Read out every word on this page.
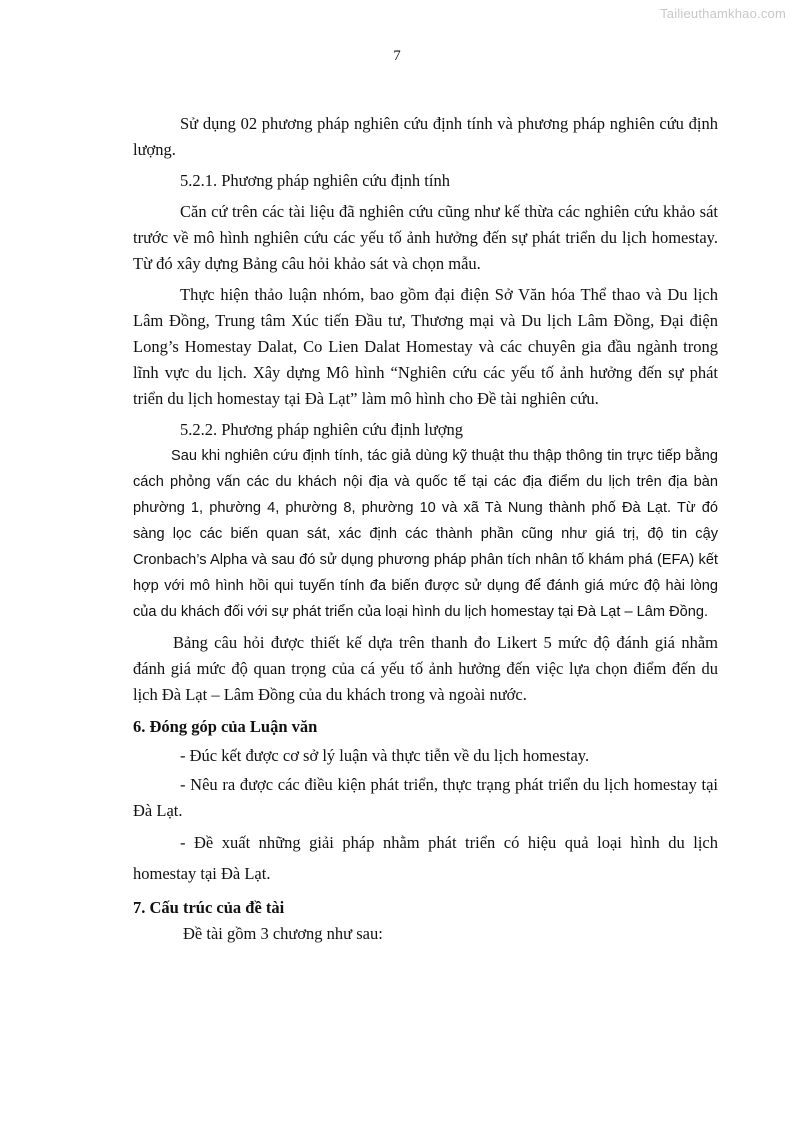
Tailieuthamkhao.com
7

Sử dụng 02 phương pháp nghiên cứu định tính và phương pháp nghiên cứu định lượng.

5.2.1. Phương pháp nghiên cứu định tính

Căn cứ trên các tài liệu đã nghiên cứu cũng như kế thừa các nghiên cứu khảo sát trước về mô hình nghiên cứu các yếu tố ảnh hưởng đến sự phát triển du lịch homestay. Từ đó xây dựng Bảng câu hỏi khảo sát và chọn mẫu.

Thực hiện thảo luận nhóm, bao gồm đại điện Sở Văn hóa Thể thao và Du lịch Lâm Đồng, Trung tâm Xúc tiến Đầu tư, Thương mại và Du lịch Lâm Đồng, Đại điện Long’s Homestay Dalat, Co Lien Dalat Homestay và các chuyên gia đầu ngành trong lĩnh vực du lịch. Xây dựng Mô hình “Nghiên cứu các yếu tố ảnh hưởng đến sự phát triển du lịch homestay tại Đà Lạt” làm mô hình cho Đề tài nghiên cứu.

5.2.2. Phương pháp nghiên cứu định lượng

Sau khi nghiên cứu định tính, tác giả dùng kỹ thuật thu thập thông tin trực tiếp bằng cách phỏng vấn các du khách nội địa và quốc tế tại các địa điểm du lịch trên địa bàn phường 1, phường 4, phường 8, phường 10 và xã Tà Nung thành phố Đà Lạt. Từ đó sàng lọc các biến quan sát, xác định các thành phần cũng như giá trị, độ tin cậy Cronbach’s Alpha và sau đó sử dụng phương pháp phân tích nhân tố khám phá (EFA) kết hợp với mô hình hồi qui tuyến tính đa biến được sử dụng để đánh giá mức độ hài lòng của du khách đối với sự phát triển của loại hình du lịch homestay tại Đà Lạt – Lâm Đồng.

Bảng câu hỏi được thiết kế dựa trên thanh đo Likert 5 mức độ đánh giá nhằm đánh giá mức độ quan trọng của cá yếu tố ảnh hưởng đến việc lựa chọn điểm đến du lịch Đà Lạt – Lâm Đồng của du khách trong và ngoài nước.

6. Đóng góp của Luận văn

- Đúc kết được cơ sở lý luận và thực tiễn về du lịch homestay.

- Nêu ra được các điều kiện phát triển, thực trạng phát triển du lịch homestay tại Đà Lạt.

- Đề xuất những giải pháp nhằm phát triển có hiệu quả loại hình du lịch homestay tại Đà Lạt.

7. Cấu trúc của đề tài

Đề tài gồm 3 chương như sau:
